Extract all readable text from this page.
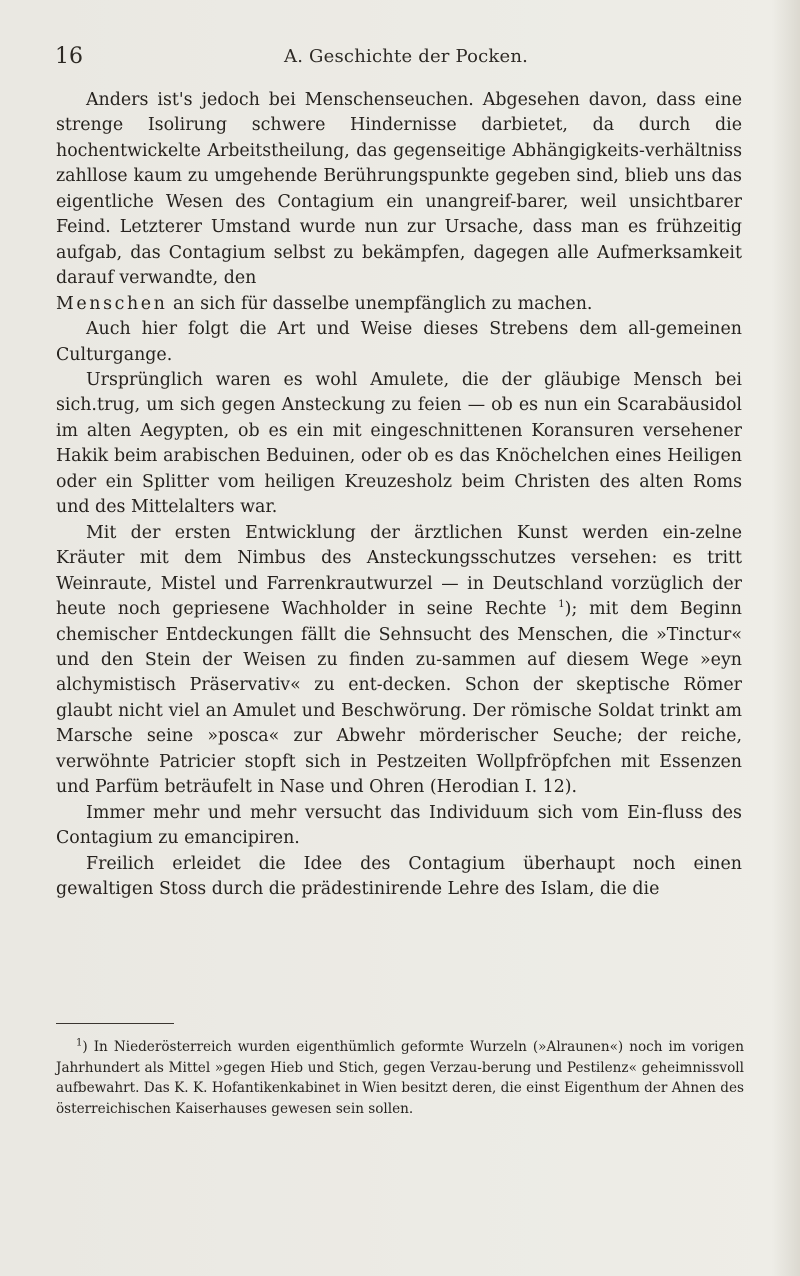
16	A. Geschichte der Pocken.

Anders ist's jedoch bei Menschenseuchen. Abgesehen davon, dass eine strenge Isolirung schwere Hindernisse darbietet, da durch die hochentwickelte Arbeitstheilung, das gegenseitige Abhängigkeits-verhältniss zahllose kaum zu umgehende Berührungspunkte gegeben sind, blieb uns das eigentliche Wesen des Contagium ein unangreif-barer, weil unsichtbarer Feind. Letzterer Umstand wurde nun zur Ursache, dass man es frühzeitig aufgab, das Contagium selbst zu bekämpfen, dagegen alle Aufmerksamkeit darauf verwandte, den
Menschen an sich für dasselbe unempfänglich zu machen.

Auch hier folgt die Art und Weise dieses Strebens dem all-gemeinen Culturgange.

Ursprünglich waren es wohl Amulete, die der gläubige Mensch bei sich.trug, um sich gegen Ansteckung zu feien — ob es nun ein Scarabäusidol im alten Aegypten, ob es ein mit eingeschnittenen Koransuren versehener Hakik beim arabischen Beduinen, oder ob es das Knöchelchen eines Heiligen oder ein Splitter vom heiligen Kreuzesholz beim Christen des alten Roms und des Mittelalters war.

Mit der ersten Entwicklung der ärztlichen Kunst werden ein-zelne Kräuter mit dem Nimbus des Ansteckungsschutzes versehen: es tritt Weinraute, Mistel und Farrenkrautwurzel — in Deutschland vorzüglich der heute noch gepriesene Wachholder in seine Rechte $^1$); mit dem Beginn chemischer Entdeckungen fällt die Sehnsucht des Menschen, die »Tinctur« und den Stein der Weisen zu finden zu-sammen auf diesem Wege »eyn alchymistisch Präservativ« zu ent-decken. Schon der skeptische Römer glaubt nicht viel an Amulet und Beschwörung. Der römische Soldat trinkt am Marsche seine »posca« zur Abwehr mörderischer Seuche; der reiche, verwöhnte Patricier stopft sich in Pestzeiten Wollpfröpfchen mit Essenzen und Parfüm beträufelt in Nase und Ohren (Herodian I. 12).

Immer mehr und mehr versucht das Individuum sich vom Ein-fluss des Contagium zu emancipiren.

Freilich erleidet die Idee des Contagium überhaupt noch einen gewaltigen Stoss durch die prädestinirende Lehre des Islam, die die

$^1$) In Niederösterreich wurden eigenthümlich geformte Wurzeln (»Alraunen«) noch im vorigen Jahrhundert als Mittel »gegen Hieb und Stich, gegen Verzau-berung und Pestilenz« geheimnissvoll aufbewahrt. Das K. K. Hofantikenkabinet in Wien besitzt deren, die einst Eigenthum der Ahnen des österreichischen Kaiserhauses gewesen sein sollen.
